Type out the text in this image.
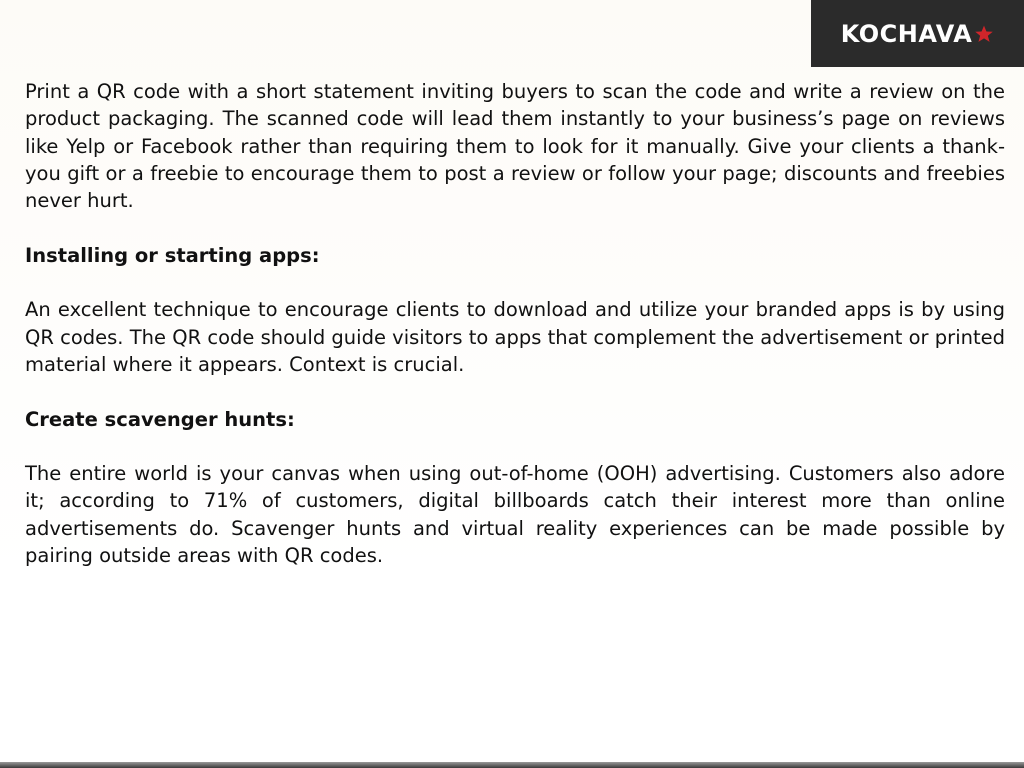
KOCHAVA

Print a QR code with a short statement inviting buyers to scan the code and write a review on the product packaging. The scanned code will lead them instantly to your business’s page on reviews like Yelp or Facebook rather than requiring them to look for it manually. Give your clients a thank-you gift or a freebie to encourage them to post a review or follow your page; discounts and freebies never hurt.

Installing or starting apps:

An excellent technique to encourage clients to download and utilize your branded apps is by using QR codes. The QR code should guide visitors to apps that complement the advertisement or printed material where it appears. Context is crucial.

Create scavenger hunts:

The entire world is your canvas when using out-of-home (OOH) advertising. Customers also adore it; according to 71% of customers, digital billboards catch their interest more than online advertisements do. Scavenger hunts and virtual reality experiences can be made possible by pairing outside areas with QR codes.
